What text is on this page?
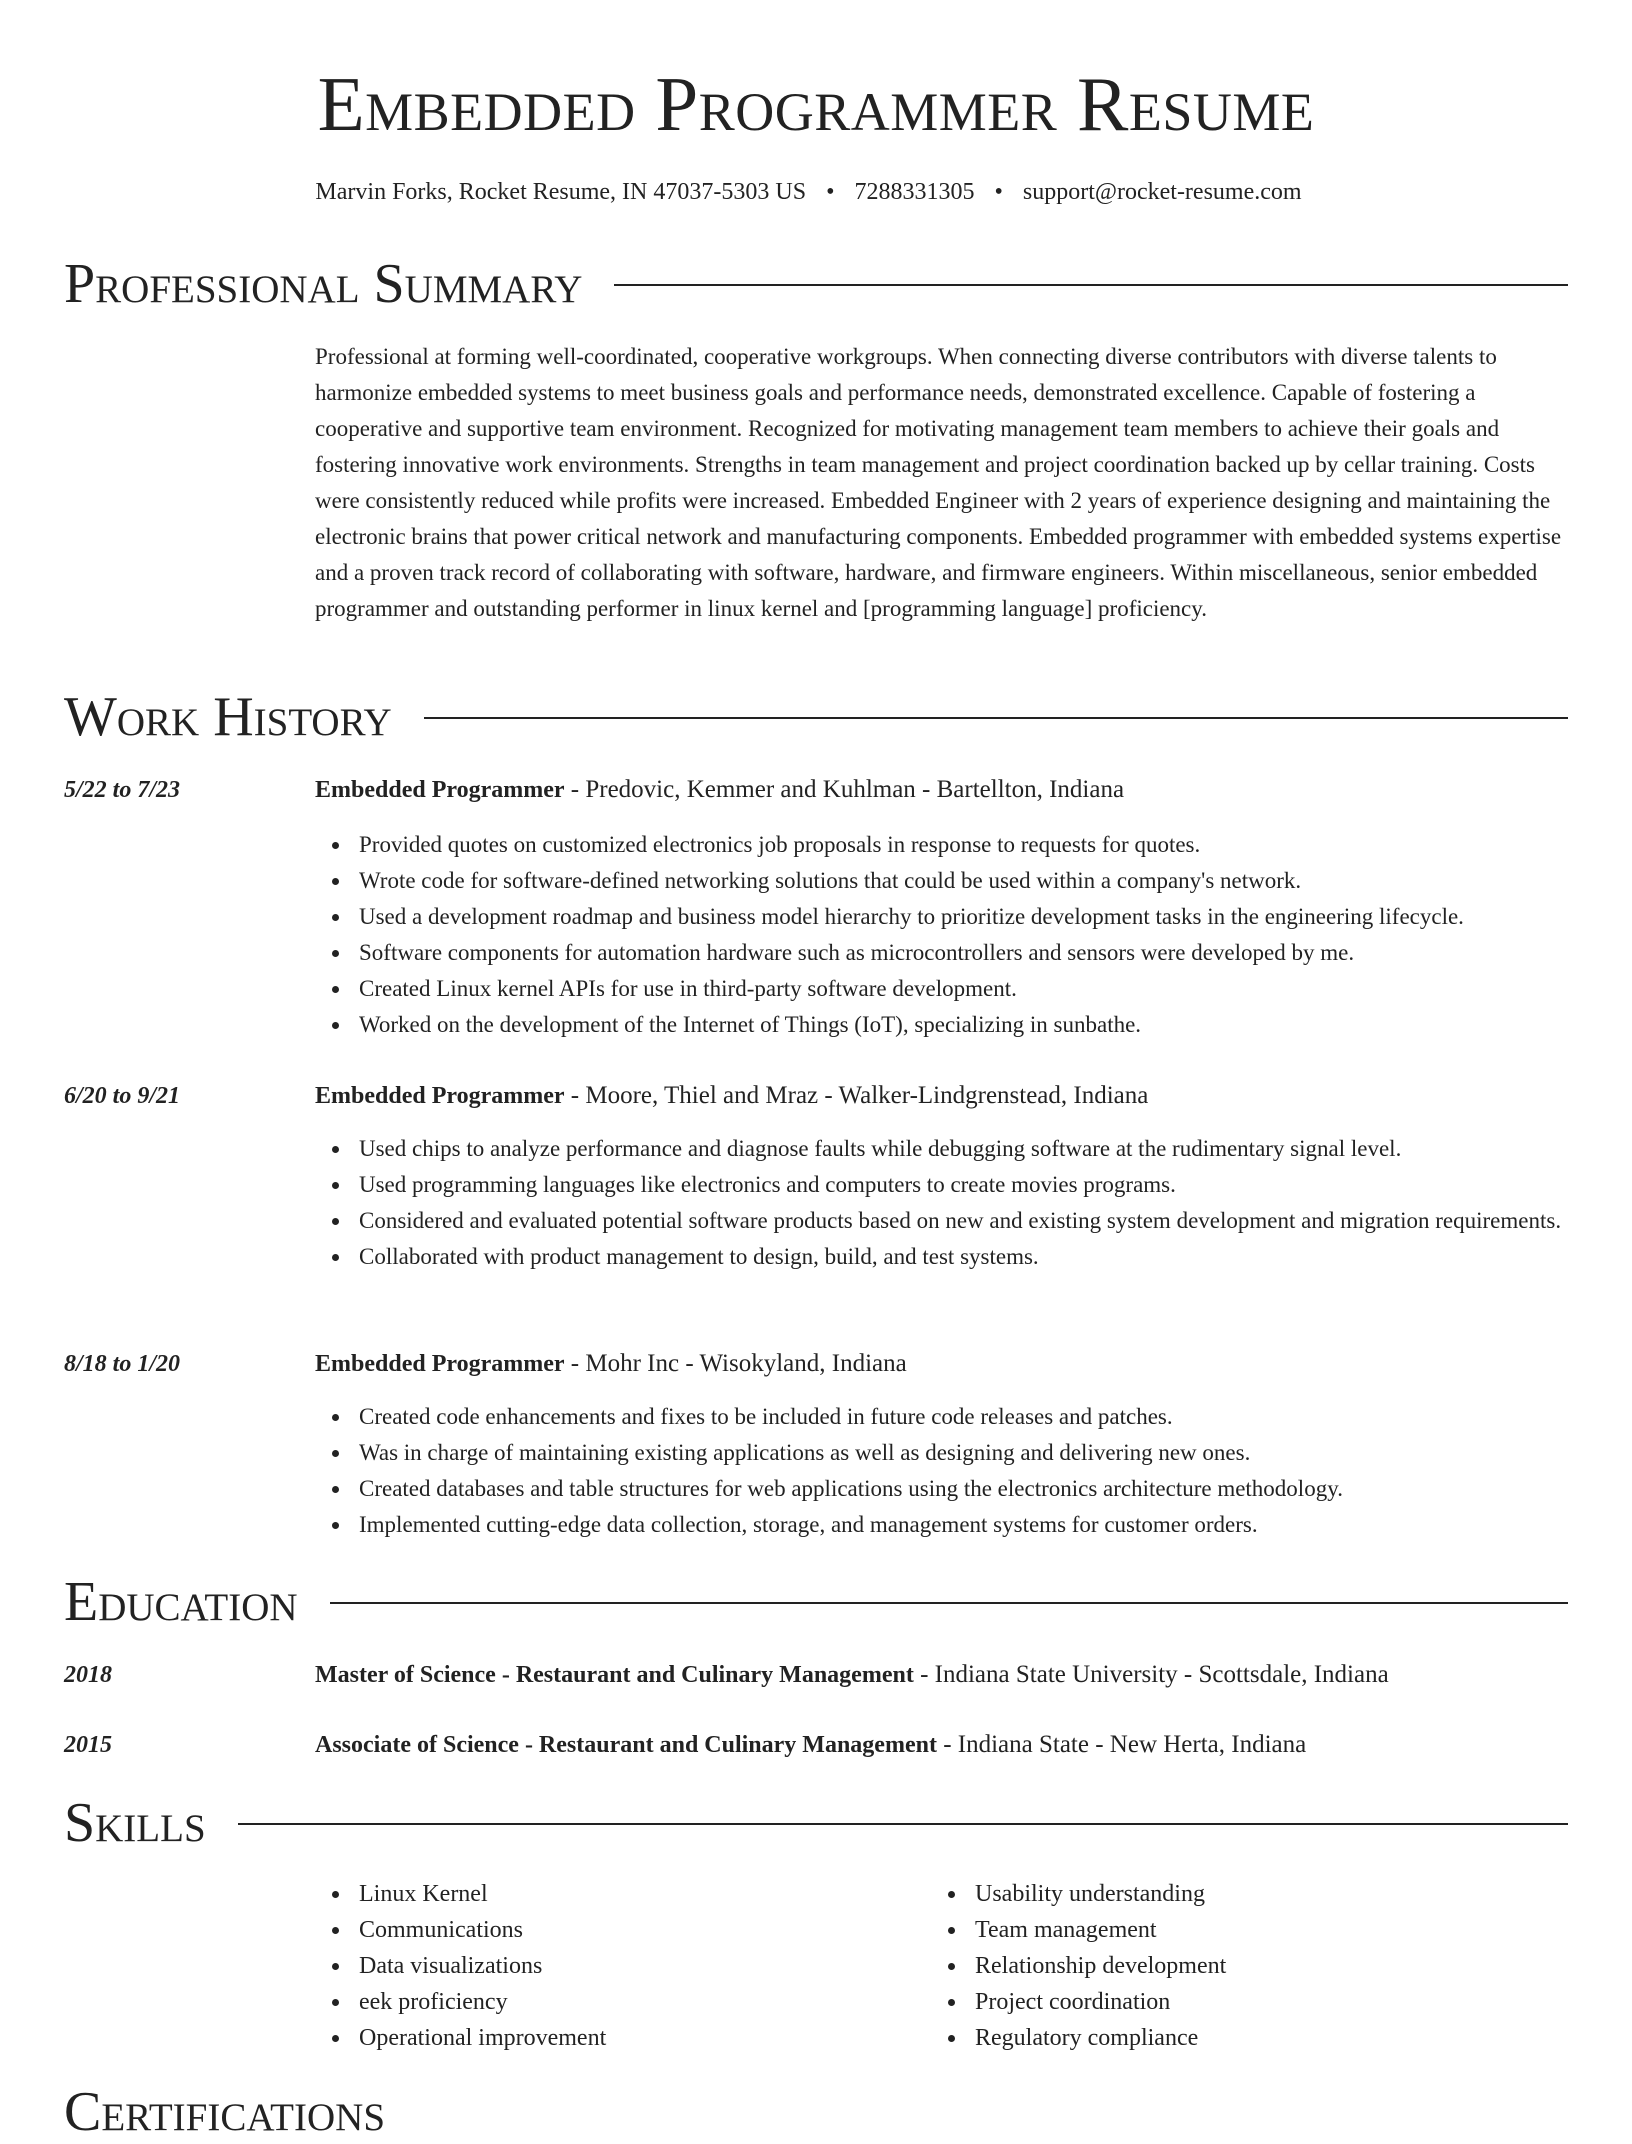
Embedded Programmer Resume
Marvin Forks, Rocket Resume, IN 47037-5303 US • 7288331305 • support@rocket-resume.com
Professional Summary

Professional at forming well-coordinated, cooperative workgroups. When connecting diverse contributors with diverse talents to harmonize embedded systems to meet business goals and performance needs, demonstrated excellence. Capable of fostering a cooperative and supportive team environment. Recognized for motivating management team members to achieve their goals and fostering innovative work environments. Strengths in team management and project coordination backed up by cellar training. Costs were consistently reduced while profits were increased. Embedded Engineer with 2 years of experience designing and maintaining the electronic brains that power critical network and manufacturing components. Embedded programmer with embedded systems expertise and a proven track record of collaborating with software, hardware, and firmware engineers. Within miscellaneous, senior embedded programmer and outstanding performer in linux kernel and [programming language] proficiency.

Work History
5/22 to 7/23	Embedded Programmer - Predovic, Kemmer and Kuhlman - Bartellton, Indiana
Provided quotes on customized electronics job proposals in response to requests for quotes.
Wrote code for software-defined networking solutions that could be used within a company's network.
Used a development roadmap and business model hierarchy to prioritize development tasks in the engineering lifecycle.
Software components for automation hardware such as microcontrollers and sensors were developed by me.
Created Linux kernel APIs for use in third-party software development.
Worked on the development of the Internet of Things (IoT), specializing in sunbathe.
6/20 to 9/21	Embedded Programmer - Moore, Thiel and Mraz - Walker-Lindgrenstead, Indiana
Used chips to analyze performance and diagnose faults while debugging software at the rudimentary signal level.
Used programming languages like electronics and computers to create movies programs.
Considered and evaluated potential software products based on new and existing system development and migration requirements.
Collaborated with product management to design, build, and test systems.
8/18 to 1/20	Embedded Programmer - Mohr Inc - Wisokyland, Indiana
Created code enhancements and fixes to be included in future code releases and patches.
Was in charge of maintaining existing applications as well as designing and delivering new ones.
Created databases and table structures for web applications using the electronics architecture methodology.
Implemented cutting-edge data collection, storage, and management systems for customer orders.
Education
2018	Master of Science - Restaurant and Culinary Management - Indiana State University - Scottsdale, Indiana
2015	Associate of Science - Restaurant and Culinary Management - Indiana State - New Herta, Indiana
Skills
Linux Kernel
Communications
Data visualizations
eek proficiency
Operational improvement
Usability understanding
Team management
Relationship development
Project coordination
Regulatory compliance
Certifications
